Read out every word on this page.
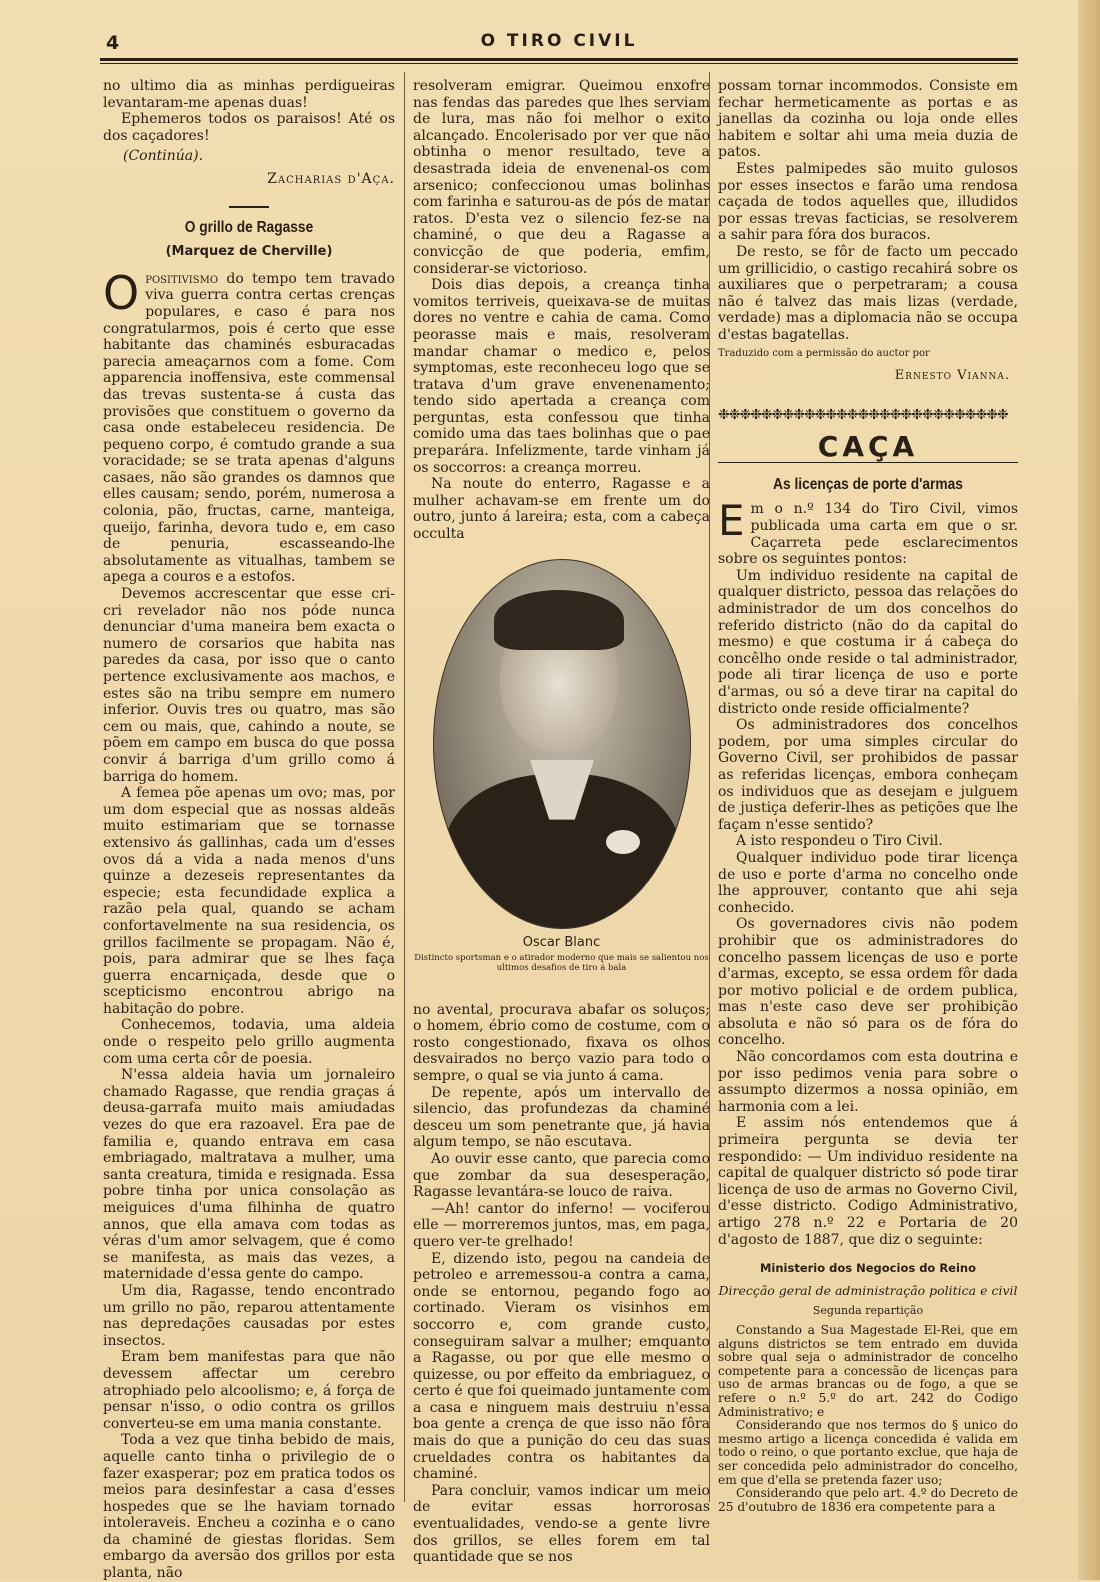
4	O TIRO CIVIL

no ultimo dia as minhas perdigueiras levantaram-me apenas duas!

Ephemeros todos os paraisos! Até os dos caçadores!

(Continúa).
Zacharias d'Aça.
O grillo de Ragasse
(Marquez de Cherville)

Opositivismo do tempo tem travado viva guerra contra certas crenças populares, e caso é para nos congratularmos, pois é certo que esse habitante das chaminés esburacadas parecia ameaçarnos com a fome. Com apparencia inoffensiva, este commensal das trevas sustenta-se á custa das provisões que constituem o governo da casa onde estabeleceu residencia. De pequeno corpo, é comtudo grande a sua voracidade; se se trata apenas d'alguns casaes, não são grandes os damnos que elles causam; sendo, porém, numerosa a colonia, pão, fructas, carne, manteiga, queijo, farinha, devora tudo e, em caso de penuria, escasseando-lhe absolutamente as vitualhas, tambem se apega a couros e a estofos.

Devemos accrescentar que esse cri-cri revelador não nos póde nunca denunciar d'uma maneira bem exacta o numero de corsarios que habita nas paredes da casa, por isso que o canto pertence exclusivamente aos machos, e estes são na tribu sempre em numero inferior. Ouvis tres ou quatro, mas são cem ou mais, que, cahindo a noute, se põem em campo em busca do que possa convir á barriga d'um grillo como á barriga do homem.

A femea põe apenas um ovo; mas, por um dom especial que as nossas aldeãs muito estimariam que se tornasse extensivo ás gallinhas, cada um d'esses ovos dá a vida a nada menos d'uns quinze a dezeseis representantes da especie; esta fecundidade explica a razão pela qual, quando se acham confortavelmente na sua residencia, os grillos facilmente se propagam. Não é, pois, para admirar que se lhes faça guerra encarniçada, desde que o scepticismo encontrou abrigo na habitação do pobre.

Conhecemos, todavia, uma aldeia onde o respeito pelo grillo augmenta com uma certa côr de poesia.

N'essa aldeia havia um jornaleiro chamado Ragasse, que rendia graças á deusa-garrafa muito mais amiudadas vezes do que era razoavel. Era pae de familia e, quando entrava em casa embriagado, maltratava a mulher, uma santa creatura, timida e resignada. Essa pobre tinha por unica consolação as meiguices d'uma filhinha de quatro annos, que ella amava com todas as véras d'um amor selvagem, que é como se manifesta, as mais das vezes, a maternidade d'essa gente do campo.

Um dia, Ragasse, tendo encontrado um grillo no pão, reparou attentamente nas depredações causadas por estes insectos.

Eram bem manifestas para que não devessem affectar um cerebro atrophiado pelo alcoolismo; e, á força de pensar n'isso, o odio contra os grillos converteu-se em uma mania constante.

Toda a vez que tinha bebido de mais, aquelle canto tinha o privilegio de o fazer exasperar; poz em pratica todos os meios para desinfestar a casa d'esses hospedes que se lhe haviam tornado intoleraveis. Encheu a cozinha e o cano da chaminé de giestas floridas. Sem embargo da aversão dos grillos por esta planta, não

resolveram emigrar. Queimou enxofre nas fendas das paredes que lhes serviam de lura, mas não foi melhor o exito alcançado. Encolerisado por ver que não obtinha o menor resultado, teve a desastrada ideia de envenenal-os com arsenico; confeccionou umas bolinhas com farinha e saturou-as de pós de matar ratos. D'esta vez o silencio fez-se na chaminé, o que deu a Ragasse a convicção de que poderia, emfim, considerar-se victorioso.

Dois dias depois, a creança tinha vomitos terriveis, queixava-se de muitas dores no ventre e cahia de cama. Como peorasse mais e mais, resolveram mandar chamar o medico e, pelos symptomas, este reconheceu logo que se tratava d'um grave envenenamento; tendo sido apertada a creança com perguntas, esta confessou que tinha comido uma das taes bolinhas que o pae preparára. Infelizmente, tarde vinham já os soccorros: a creança morreu.

Na noute do enterro, Ragasse e a mulher achavam-se em frente um do outro, junto á lareira; esta, com a cabeça occulta

Oscar Blanc
Distincto sportsman e o atirador moderno que mais se salientou nos ultimos desafios de tiro á bala

no avental, procurava abafar os soluços; o homem, ébrio como de costume, com o rosto congestionado, fixava os olhos desvairados no berço vazio para todo o sempre, o qual se via junto á cama.

De repente, após um intervallo de silencio, das profundezas da chaminé desceu um som penetrante que, já havia algum tempo, se não escutava.

Ao ouvir esse canto, que parecia como que zombar da sua desesperação, Ragasse levantára-se louco de raiva.

—Ah! cantor do inferno! — vociferou elle — morreremos juntos, mas, em paga, quero ver-te grelhado!

E, dizendo isto, pegou na candeia de petroleo e arremessou-a contra a cama, onde se entornou, pegando fogo ao cortinado. Vieram os visinhos em soccorro e, com grande custo, conseguiram salvar a mulher; emquanto a Ragasse, ou por que elle mesmo o quizesse, ou por effeito da embriaguez, o certo é que foi queimado juntamente com a casa e ninguem mais destruiu n'essa boa gente a crença de que isso não fôra mais do que a punição do ceu das suas crueldades contra os habitantes da chaminé.

Para concluir, vamos indicar um meio de evitar essas horrorosas eventualidades, vendo-se a gente livre dos grillos, se elles forem em tal quantidade que se nos

possam tornar incommodos. Consiste em fechar hermeticamente as portas e as janellas da cozinha ou loja onde elles habitem e soltar ahi uma meia duzia de patos.

Estes palmipedes são muito gulosos por esses insectos e farão uma rendosa caçada de todos aquelles que, illudidos por essas trevas facticias, se resolverem a sahir para fóra dos buracos.

De resto, se fôr de facto um peccado um grillicidio, o castigo recahirá sobre os auxiliares que o perpetraram; a cousa não é talvez das mais lizas (verdade, verdade) mas a diplomacia não se occupa d'estas bagatellas.

Traduzido com a permissão do auctor por
Ernesto Vianna.
❉❉❉❉❉❉❉❉❉❉❉❉❉❉❉❉❉❉❉❉❉❉❉❉❉❉❉
CAÇA
As licenças de porte d'armas

Em o n.º 134 do Tiro Civil, vimos publicada uma carta em que o sr. Caçarreta pede esclarecimentos sobre os seguintes pontos:

Um individuo residente na capital de qualquer districto, pessoa das relações do administrador de um dos concelhos do referido districto (não do da capital do mesmo) e que costuma ir á cabeça do concêlho onde reside o tal administrador, pode ali tirar licença de uso e porte d'armas, ou só a deve tirar na capital do districto onde reside officialmente?

Os administradores dos concelhos podem, por uma simples circular do Governo Civil, ser prohibidos de passar as referidas licenças, embora conheçam os individuos que as desejam e julguem de justiça deferir-lhes as petições que lhe façam n'esse sentido?

A isto respondeu o Tiro Civil.

Qualquer individuo pode tirar licença de uso e porte d'arma no concelho onde lhe approuver, contanto que ahi seja conhecido.

Os governadores civis não podem prohibir que os administradores do concelho passem licenças de uso e porte d'armas, excepto, se essa ordem fôr dada por motivo policial e de ordem publica, mas n'este caso deve ser prohibição absoluta e não só para os de fóra do concelho.

Não concordamos com esta doutrina e por isso pedimos venia para sobre o assumpto dizermos a nossa opinião, em harmonia com a lei.

E assim nós entendemos que á primeira pergunta se devia ter respondido: — Um individuo residente na capital de qualquer districto só pode tirar licença de uso de armas no Governo Civil, d'esse districto. Codigo Administrativo, artigo 278 n.º 22 e Portaria de 20 d'agosto de 1887, que diz o seguinte:

Ministerio dos Negocios do Reino
Direcção geral de administração politica e civil
Segunda repartição

Constando a Sua Magestade El-Rei, que em alguns districtos se tem entrado em duvida sobre qual seja o administrador de concelho competente para a concessão de licenças para uso de armas brancas ou de fogo, a que se refere o n.º 5.º do art. 242 do Codigo Administrativo; e

Considerando que nos termos do § unico do mesmo artigo a licença concedida é valida em todo o reino, o que portanto exclue, que haja de ser concedida pelo administrador do concelho, em que d'ella se pretenda fazer uso;

Considerando que pelo art. 4.º do Decreto de 25 d'outubro de 1836 era competente para a
